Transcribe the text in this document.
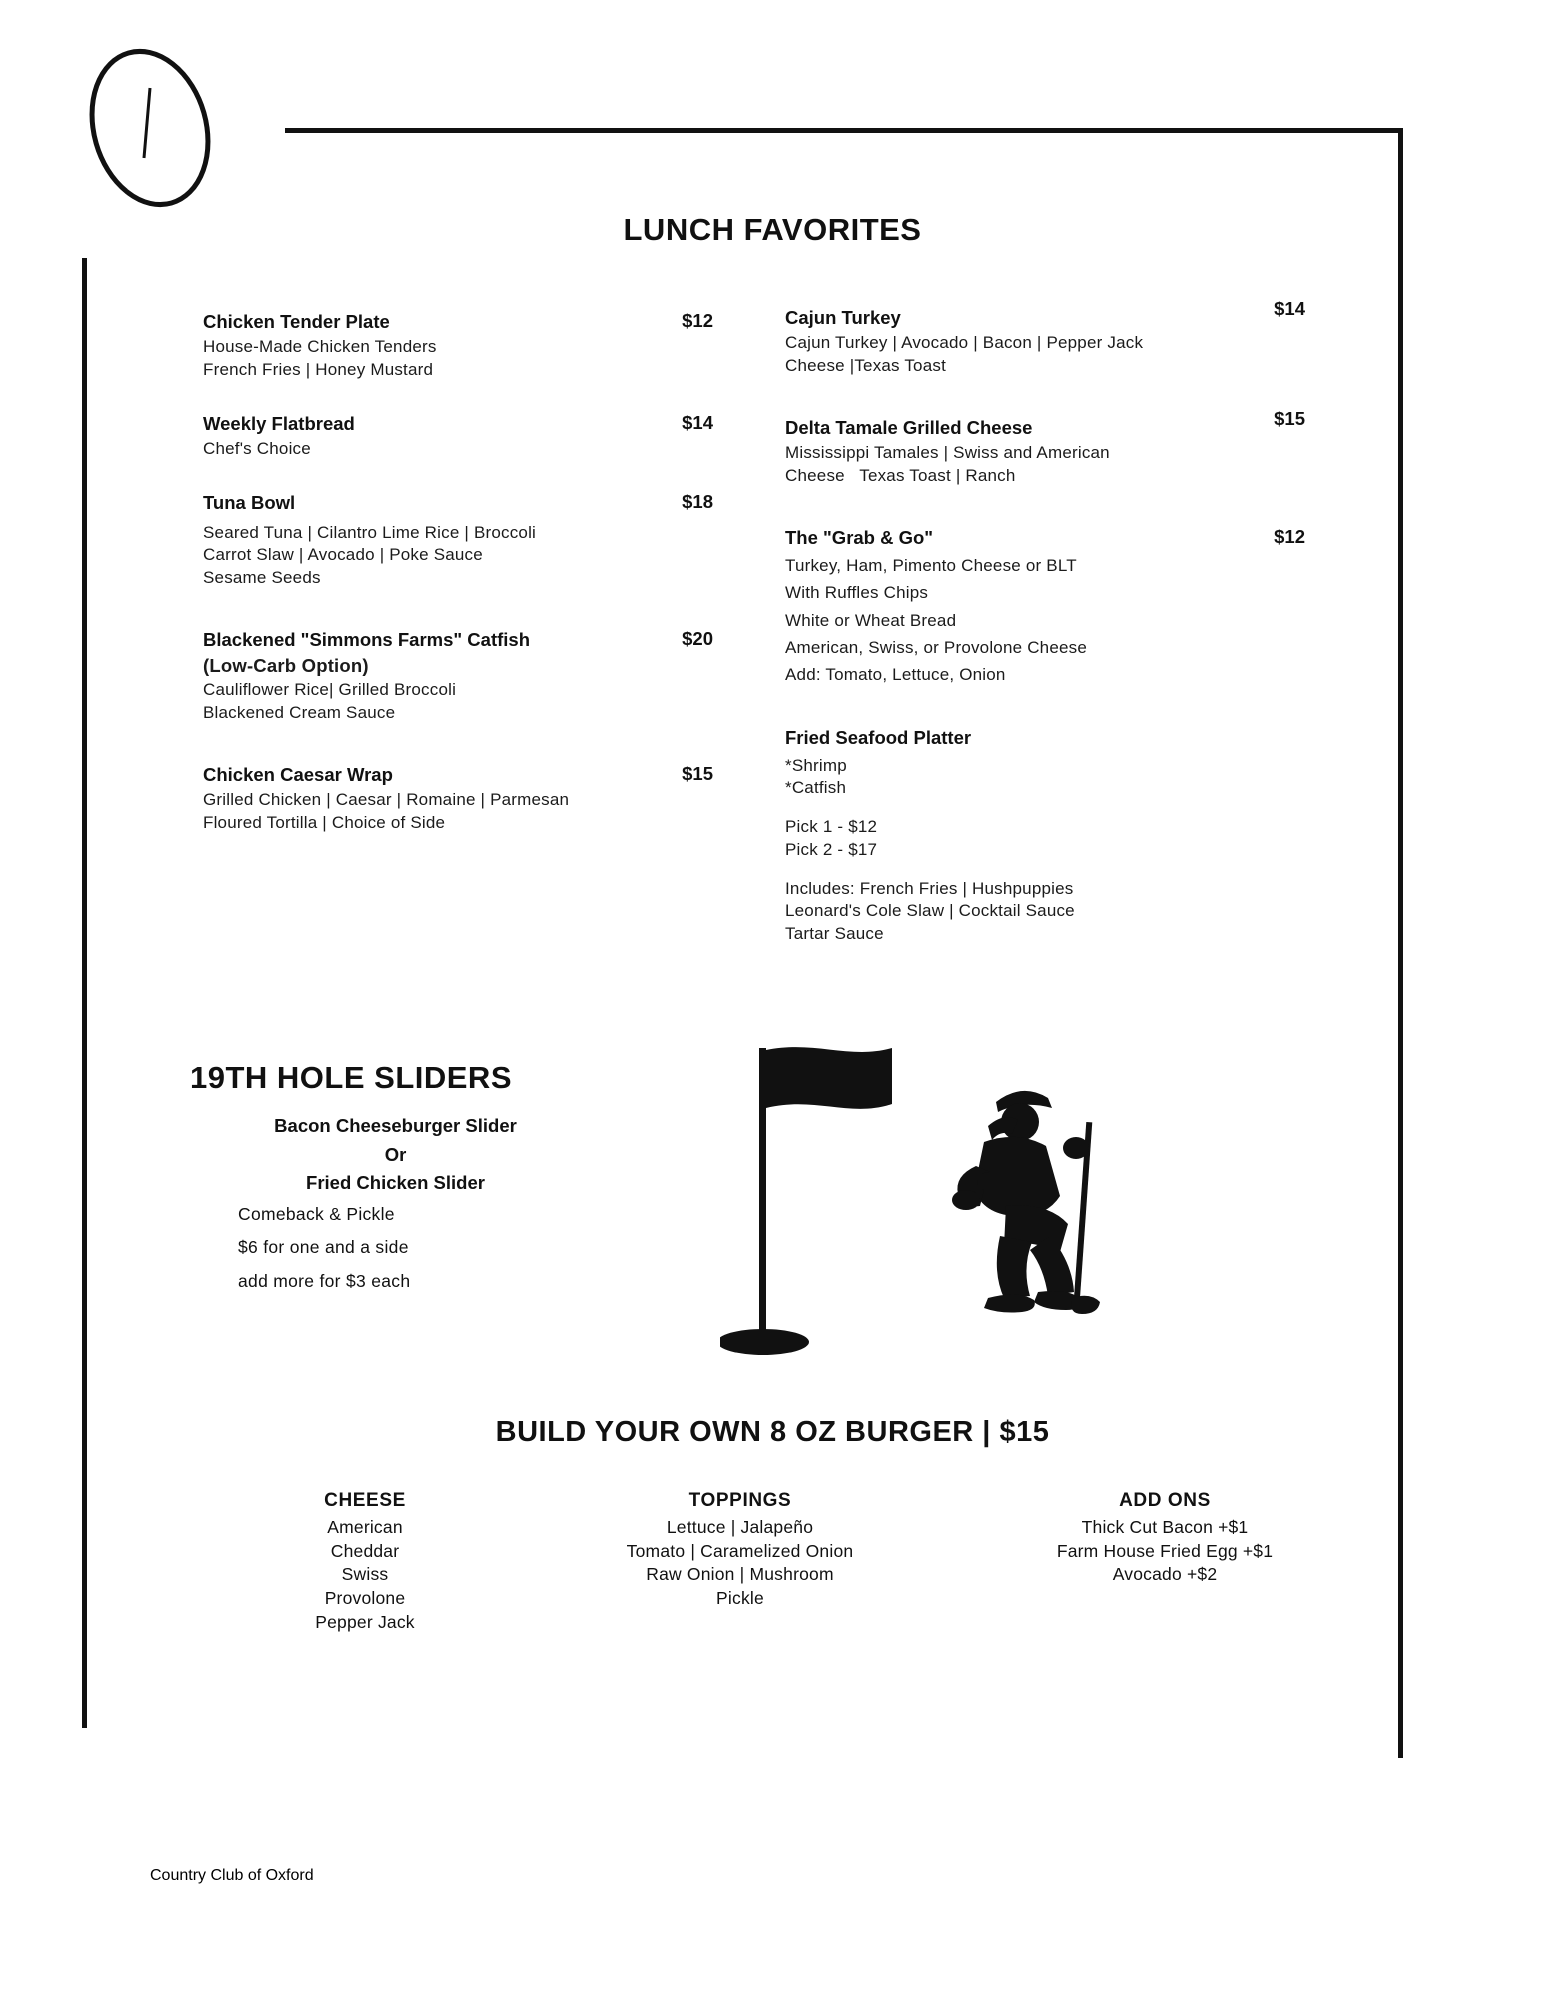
LUNCH FAVORITES
Chicken Tender Plate	$12
House-Made Chicken Tenders
French Fries | Honey Mustard
Weekly Flatbread	$14
Chef's Choice
Tuna Bowl	$18
Seared Tuna | Cilantro Lime Rice | Broccoli
Carrot Slaw | Avocado | Poke Sauce
Sesame Seeds
Blackened "Simmons Farms" Catfish	$20
(Low-Carb Option)
Cauliflower Rice| Grilled Broccoli
Blackened Cream Sauce
Chicken Caesar Wrap	$15
Grilled Chicken | Caesar | Romaine | Parmesan
Floured Tortilla | Choice of Side
Cajun Turkey	$14
Cajun Turkey | Avocado | Bacon | Pepper Jack
Cheese |Texas Toast
Delta Tamale Grilled Cheese	$15
Mississippi Tamales | Swiss and American
Cheese   Texas Toast | Ranch
The "Grab & Go"	$12
Turkey, Ham, Pimento Cheese or BLT
With Ruffles Chips
White or Wheat Bread
American, Swiss, or Provolone Cheese
Add: Tomato, Lettuce, Onion
Fried Seafood Platter
*Shrimp
*Catfish
Pick 1 - $12
Pick 2 - $17
Includes: French Fries | Hushpuppies
Leonard's Cole Slaw | Cocktail Sauce
Tartar Sauce
19TH HOLE SLIDERS
Bacon Cheeseburger Slider
Or
Fried Chicken Slider
Comeback & Pickle
$6 for one and a side
add more for $3 each
BUILD YOUR OWN 8 OZ BURGER | $15
CHEESE
American
Cheddar
Swiss
Provolone
Pepper Jack
TOPPINGS
Lettuce | Jalapeño
Tomato | Caramelized Onion
Raw Onion | Mushroom
Pickle
ADD ONS
Thick Cut Bacon +$1
Farm House Fried Egg +$1
Avocado +$2
Country Club of Oxford
